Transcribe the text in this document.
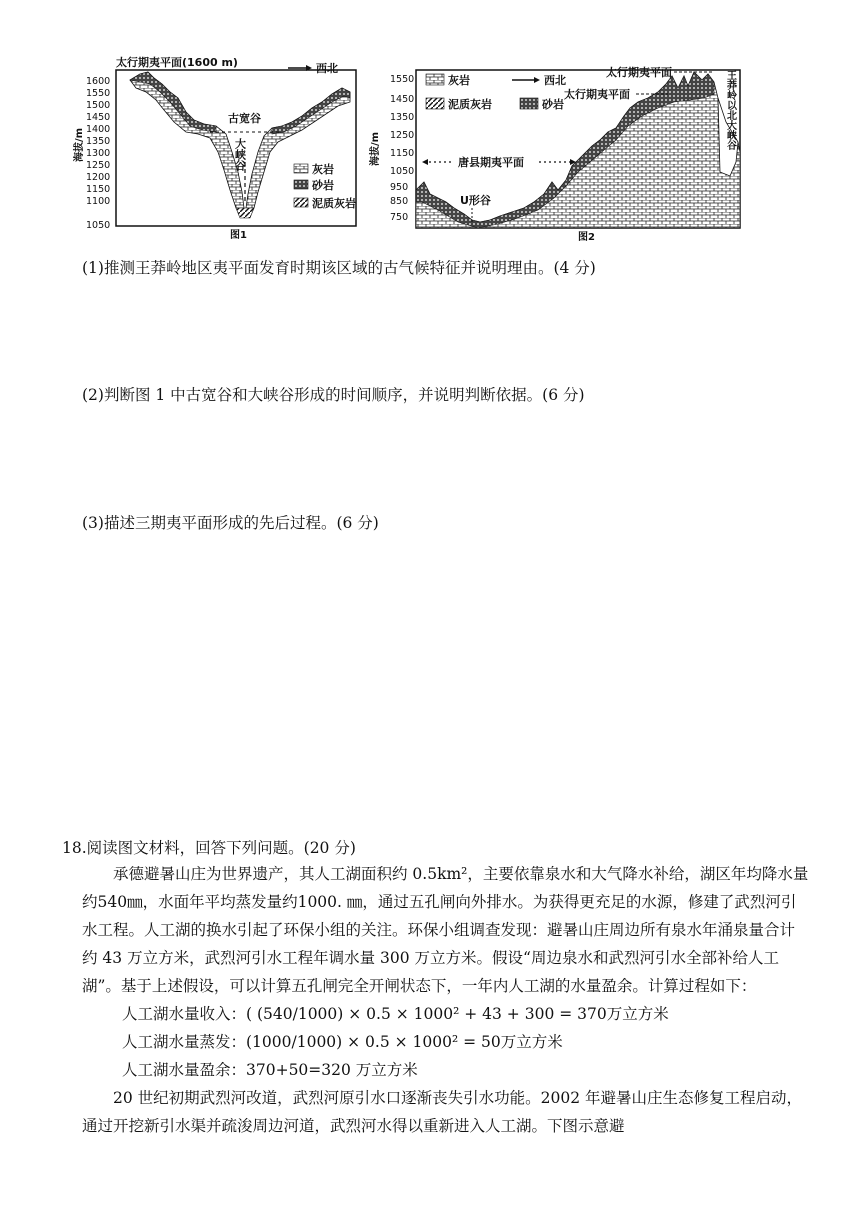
海拔/m
1600
1550
1500
1450
1400
1350
1300
1250
1200
1150
1100
1050
太行期夷平面(1600 m)	西北
古宽谷
大峡谷	灰岩
砂岩
泥质灰岩
图1
海拔/m
1550
1450
1350
1250
1150
1050
950
850
750
灰岩
泥质灰岩	砂岩
西北
太行期夷平面
太行期夷平面
唐县期夷平面
U形谷
王莽岭以北大峡谷
图2
(1)推测王莽岭地区夷平面发育时期该区域的古气候特征并说明理由。(4 分)
(2)判断图 1 中古宽谷和大峡谷形成的时间顺序，并说明判断依据。(6 分)
(3)描述三期夷平面形成的先后过程。(6 分)
18.阅读图文材料，回答下列问题。(20 分)

承德避暑山庄为世界遗产，其人工湖面积约 0.5km²，主要依靠泉水和大气降水补给，湖区年均降水量约540㎜，水面年平均蒸发量约1000. ㎜，通过五孔闸向外排水。为获得更充足的水源，修建了武烈河引水工程。人工湖的换水引起了环保小组的关注。环保小组调查发现：避暑山庄周边所有泉水年涌泉量合计约 43 万立方米，武烈河引水工程年调水量 300 万立方米。假设“周边泉水和武烈河引水全部补给人工湖”。基于上述假设，可以计算五孔闸完全开闸状态下，一年内人工湖的水量盈余。计算过程如下：

人工湖水量收入：( (540/1000) × 0.5 × 1000² + 43 + 300 = 370万立方米

人工湖水量蒸发：(1000/1000) × 0.5 × 1000² = 50万立方米

人工湖水量盈余：370+50=320 万立方米

20 世纪初期武烈河改道，武烈河原引水口逐渐丧失引水功能。2002 年避暑山庄生态修复工程启动，通过开挖新引水渠并疏浚周边河道，武烈河水得以重新进入人工湖。下图示意避
